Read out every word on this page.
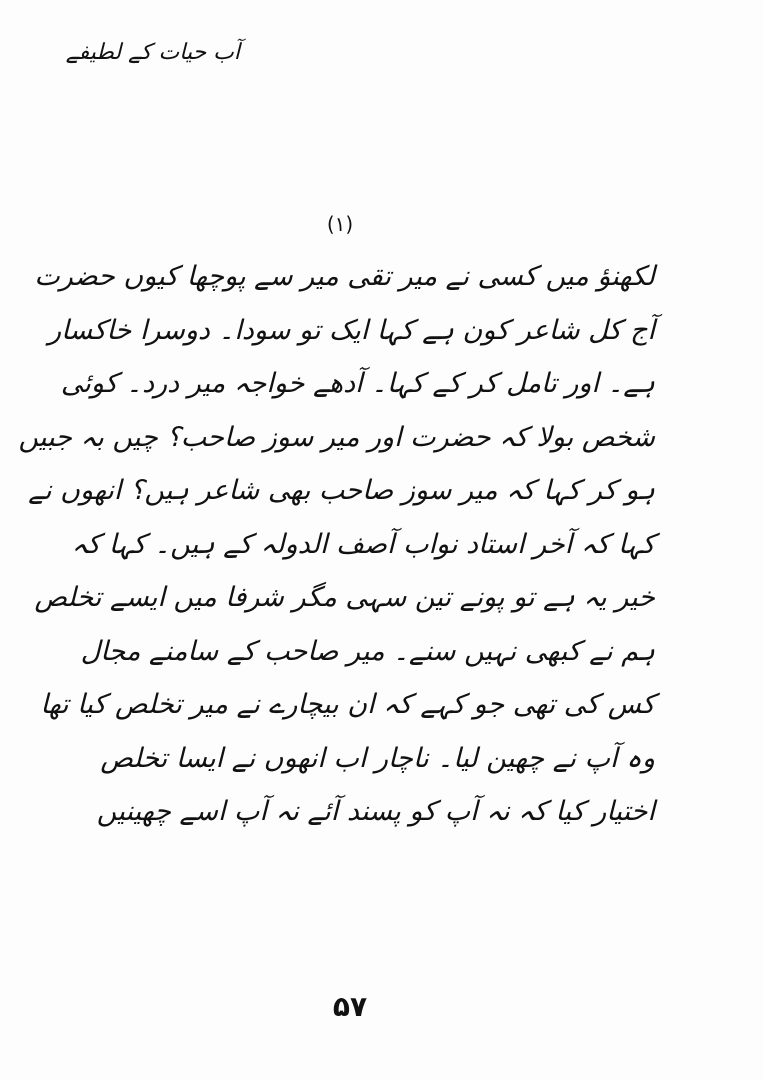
آب حیات کے لطیفے
(۱)
لکھنؤ میں کسی نے میر تقی میر سے پوچھا کیوں حضرت
آج کل شاعر کون ہے کہا ایک تو سودا۔ دوسرا خاکسار
ہے۔ اور تامل کر کے کہا۔ آدھے خواجہ میر درد۔ کوئی
شخص بولا کہ حضرت اور میر سوز صاحب؟ چیں بہ جبیں
ہو کر کہا کہ میر سوز صاحب بھی شاعر ہیں؟ انھوں نے
کہا کہ آخر استاد نواب آصف الدولہ کے ہیں۔ کہا کہ
خیر یہ ہے تو پونے تین سہی مگر شرفا میں ایسے تخلص
ہم نے کبھی نہیں سنے۔ میر صاحب کے سامنے مجال
کس کی تھی جو کہے کہ ان بیچارے نے میر تخلص کیا تھا
وہ آپ نے چھین لیا۔ ناچار اب انھوں نے ایسا تخلص
اختیار کیا کہ نہ آپ کو پسند آئے نہ آپ اسے چھینیں
۵۷
